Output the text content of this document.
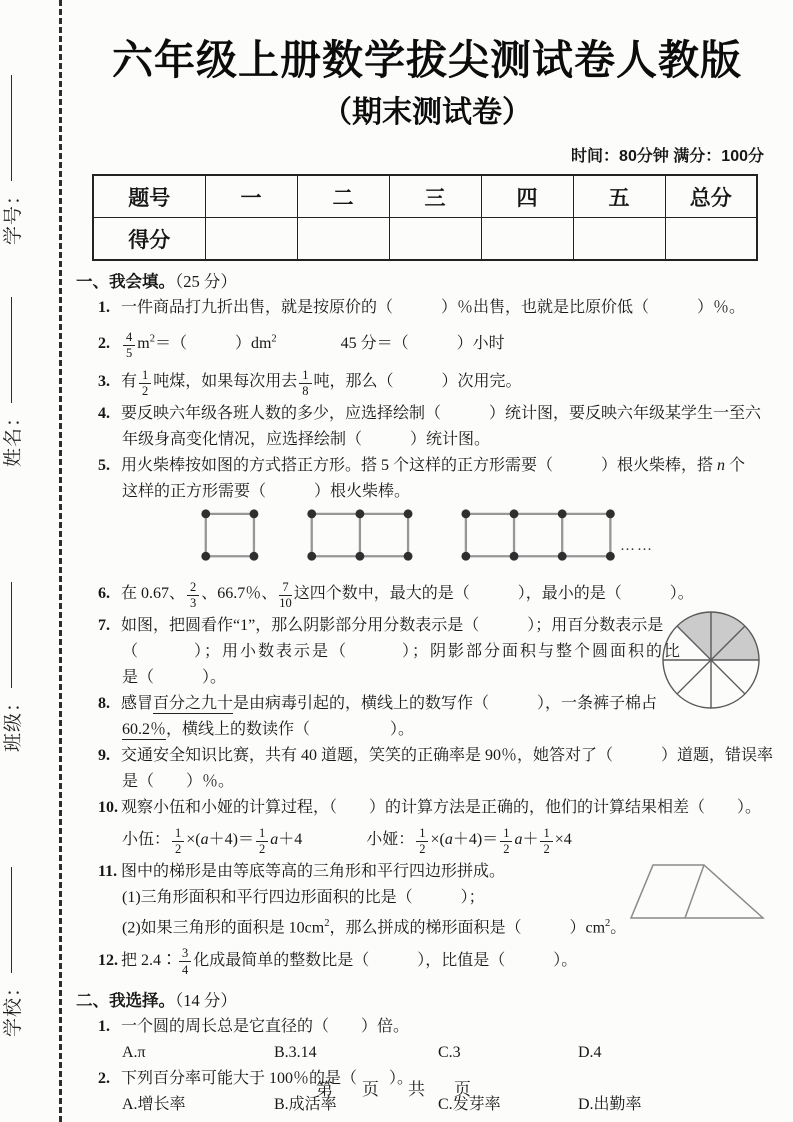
学号：
姓名：
班级：
学校：
六年级上册数学拔尖测试卷人教版
（期末测试卷）
时间：80分钟 满分：100分
题号	一	二	三	四	五	总分
得分						
一、我会填。（25 分）
1. 一件商品打九折出售，就是按原价的（　　　）％出售，也就是比原价低（　　　）％。
2. $\frac{4}{5} m^2=$（　　　）$dm^2$　　　　45 分＝（　　　）小时
3. 有 $\frac{1}{2}$ 吨煤，如果每次用去 $\frac{1}{8}$ 吨，那么（　　　）次用完。
4. 要反映六年级各班人数的多少，应选择绘制（　　　）统计图，要反映六年级某学生一至六
年级身高变化情况，应选择绘制（　　　）统计图。
5. 用火柴棒按如图的方式搭正方形。搭 5 个这样的正方形需要（　　　）根火柴棒，搭 n 个
这样的正方形需要（　　　）根火柴棒。
……
6. 在 0.67、 $\frac{2}{3}$ 、66.7％、 $\frac{7}{10}$ 这四个数中，最大的是（　　　），最小的是（　　　）。
7. 如图，把圆看作“1”，那么阴影部分用分数表示是（　　　）；用百分数表示是
（　　　）；用小数表示是（　　　）；阴影部分面积与整个圆面积的比
是（　　　）。
8. 感冒百分之九十是由病毒引起的，横线上的数写作（　　　），一条裤子棉占
60.2％，横线上的数读作（　　　　　）。
9. 交通安全知识比赛，共有 40 道题，笑笑的正确率是 90％，她答对了（　　　）道题，错误率
是（　　）％。
10. 观察小伍和小娅的计算过程，（　　）的计算方法是正确的，他们的计算结果相差（　　）。
小伍： $\frac{1}{2} \times(a+4)= \frac{1}{2} a+4$　　　　小娅： $\frac{1}{2} \times(a+4)= \frac{1}{2} a+ \frac{1}{2} \times 4$
11. 图中的梯形是由等底等高的三角形和平行四边形拼成。
(1)三角形面积和平行四边形面积的比是（　　　）；
(2)如果三角形的面积是 $10cm^2$，那么拼成的梯形面积是（　　　）$cm^2$。
12. 把 2.4∶ $\frac{3}{4}$ 化成最简单的整数比是（　　　），比值是（　　　）。
二、我选择。（14 分）
1. 一个圆的周长总是它直径的（　　）倍。
A.π	B.3.14	C.3	D.4
2. 下列百分率可能大于 100％的是（　　）。
A.增长率	B.成活率	C.发芽率	D.出勤率
第　页　共　页
